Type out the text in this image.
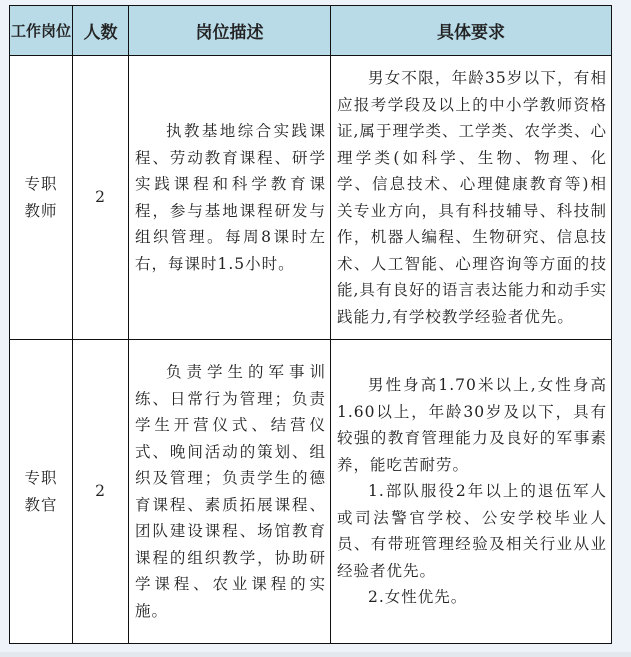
工作岗位	人数	岗位描述	具体要求
专职教师	2	执教基地综合实践课程、劳动教育课程、研学实践课程和科学教育课程，参与基地课程研发与组织管理。每周8课时左右，每课时1.5小时。	男女不限，年龄35岁以下，有相应报考学段及以上的中小学教师资格证,属于理学类、工学类、农学类、心理学类(如科学、生物、物理、化学、信息技术、心理健康教育等)相关专业方向，具有科技辅导、科技制作，机器人编程、生物研究、信息技术、人工智能、心理咨询等方面的技能,具有良好的语言表达能力和动手实践能力,有学校教学经验者优先。

专职教官	2	负责学生的军事训练、日常行为管理；负责学生开营仪式、结营仪式、晚间活动的策划、组织及管理；负责学生的德育课程、素质拓展课程、团队建设课程、场馆教育课程的组织教学，协助研学课程、农业课程的实施。	男性身高1.70米以上,女性身高1.60以上，年龄30岁及以下，具有较强的教育管理能力及良好的军事素养，能吃苦耐劳。
1.部队服役2年以上的退伍军人或司法警官学校、公安学校毕业人员、有带班管理经验及相关行业从业经验者优先。
2.女性优先。
